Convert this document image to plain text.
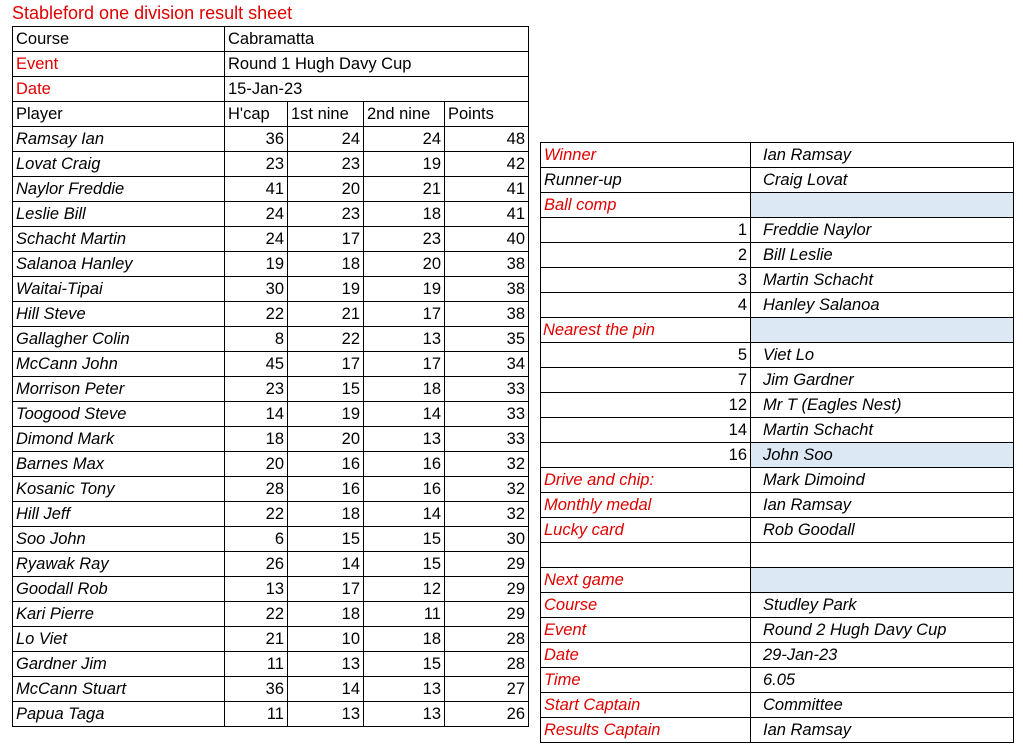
Stableford one division result sheet
Course	Cabramatta			
Event	Round 1 Hugh Davy Cup			
Date	15-Jan-23			
Player	H'cap	1st nine	2nd nine	Points
Ramsay Ian	36	24	24	48
Lovat Craig	23	23	19	42
Naylor Freddie	41	20	21	41
Leslie Bill	24	23	18	41
Schacht Martin	24	17	23	40
Salanoa Hanley	19	18	20	38
Waitai-Tipai	30	19	19	38
Hill Steve	22	21	17	38
Gallagher Colin	8	22	13	35
McCann John	45	17	17	34
Morrison Peter	23	15	18	33
Toogood Steve	14	19	14	33
Dimond Mark	18	20	13	33
Barnes Max	20	16	16	32
Kosanic Tony	28	16	16	32
Hill Jeff	22	18	14	32
Soo John	6	15	15	30
Ryawak Ray	26	14	15	29
Goodall Rob	13	17	12	29
Kari Pierre	22	18	11	29
Lo Viet	21	10	18	28
Gardner Jim	11	13	15	28
McCann Stuart	36	14	13	27
Papua Taga	11	13	13	26
Winner	Ian Ramsay
Runner-up	Craig Lovat
Ball comp	
1	Freddie Naylor
2	Bill Leslie
3	Martin Schacht
4	Hanley Salanoa
Nearest the pin	
5	Viet Lo
7	Jim Gardner
12	Mr T (Eagles Nest)
14	Martin Schacht
16	John Soo
Drive and chip:	Mark Dimoind
Monthly medal	Ian Ramsay
Lucky card	Rob Goodall

Next game	
Course	Studley Park
Event	Round 2 Hugh Davy Cup
Date	29-Jan-23
Time	6.05
Start Captain	Committee
Results Captain	Ian Ramsay
